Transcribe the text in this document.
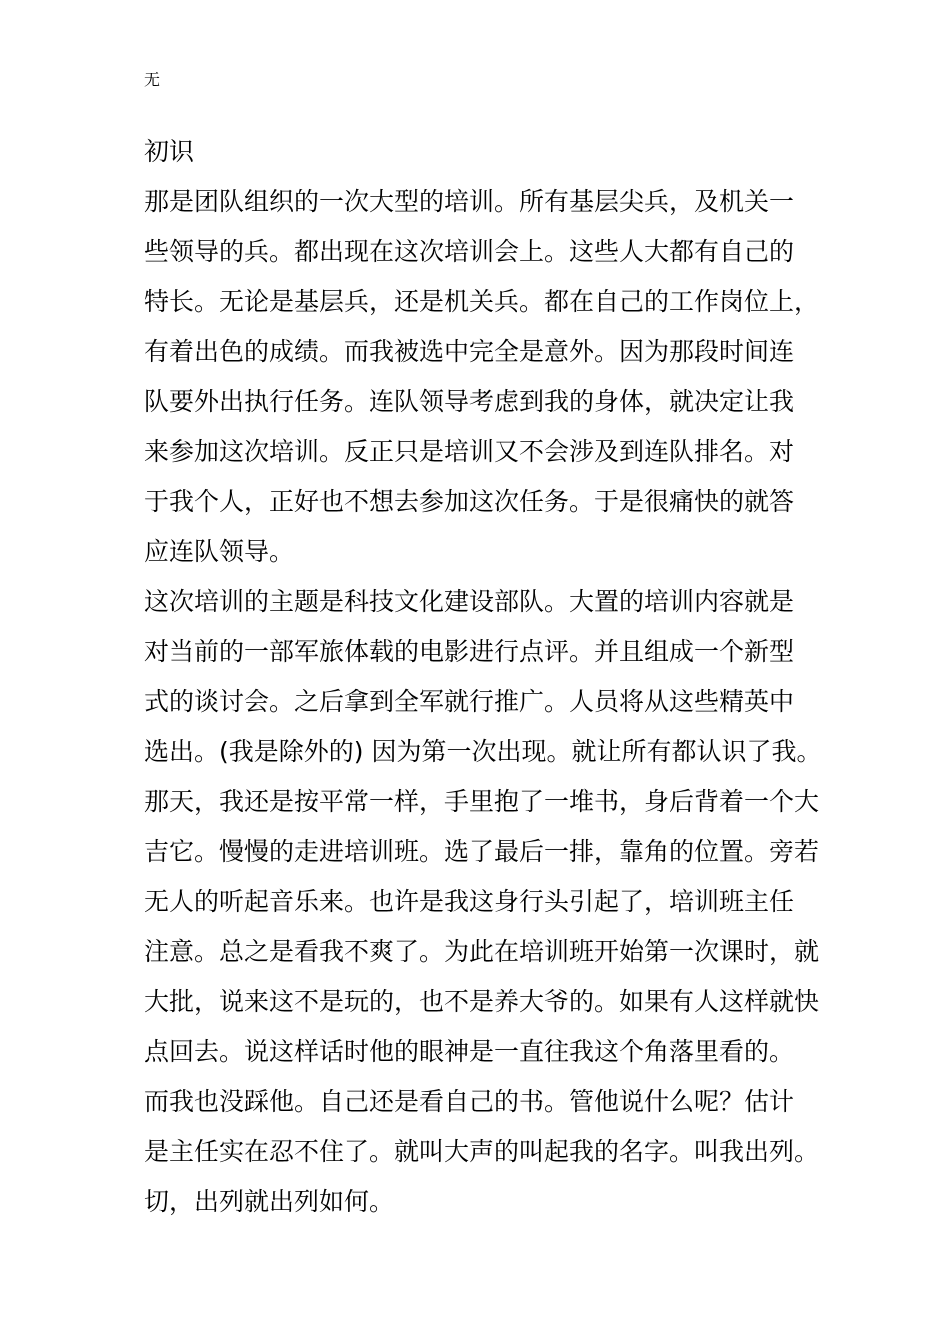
无
初识
那是团队组织的一次大型的培训。所有基层尖兵，及机关一
些领导的兵。都出现在这次培训会上。这些人大都有自己的
特长。无论是基层兵，还是机关兵。都在自己的工作岗位上，
有着出色的成绩。而我被选中完全是意外。因为那段时间连
队要外出执行任务。连队领导考虑到我的身体，就决定让我
来参加这次培训。反正只是培训又不会涉及到连队排名。对
于我个人，正好也不想去参加这次任务。于是很痛快的就答
应连队领导。
这次培训的主题是科技文化建设部队。大置的培训内容就是
对当前的一部军旅体载的电影进行点评。并且组成一个新型
式的谈讨会。之后拿到全军就行推广。人员将从这些精英中
选出。(我是除外的) 因为第一次出现。就让所有都认识了我。
那天，我还是按平常一样，手里抱了一堆书，身后背着一个大
吉它。慢慢的走进培训班。选了最后一排，靠角的位置。旁若
无人的听起音乐来。也许是我这身行头引起了，培训班主任
注意。总之是看我不爽了。为此在培训班开始第一次课时，就
大批，说来这不是玩的，也不是养大爷的。如果有人这样就快
点回去。说这样话时他的眼神是一直往我这个角落里看的。
而我也没踩他。自己还是看自己的书。管他说什么呢？估计
是主任实在忍不住了。就叫大声的叫起我的名字。叫我出列。
切，出列就出列如何。
